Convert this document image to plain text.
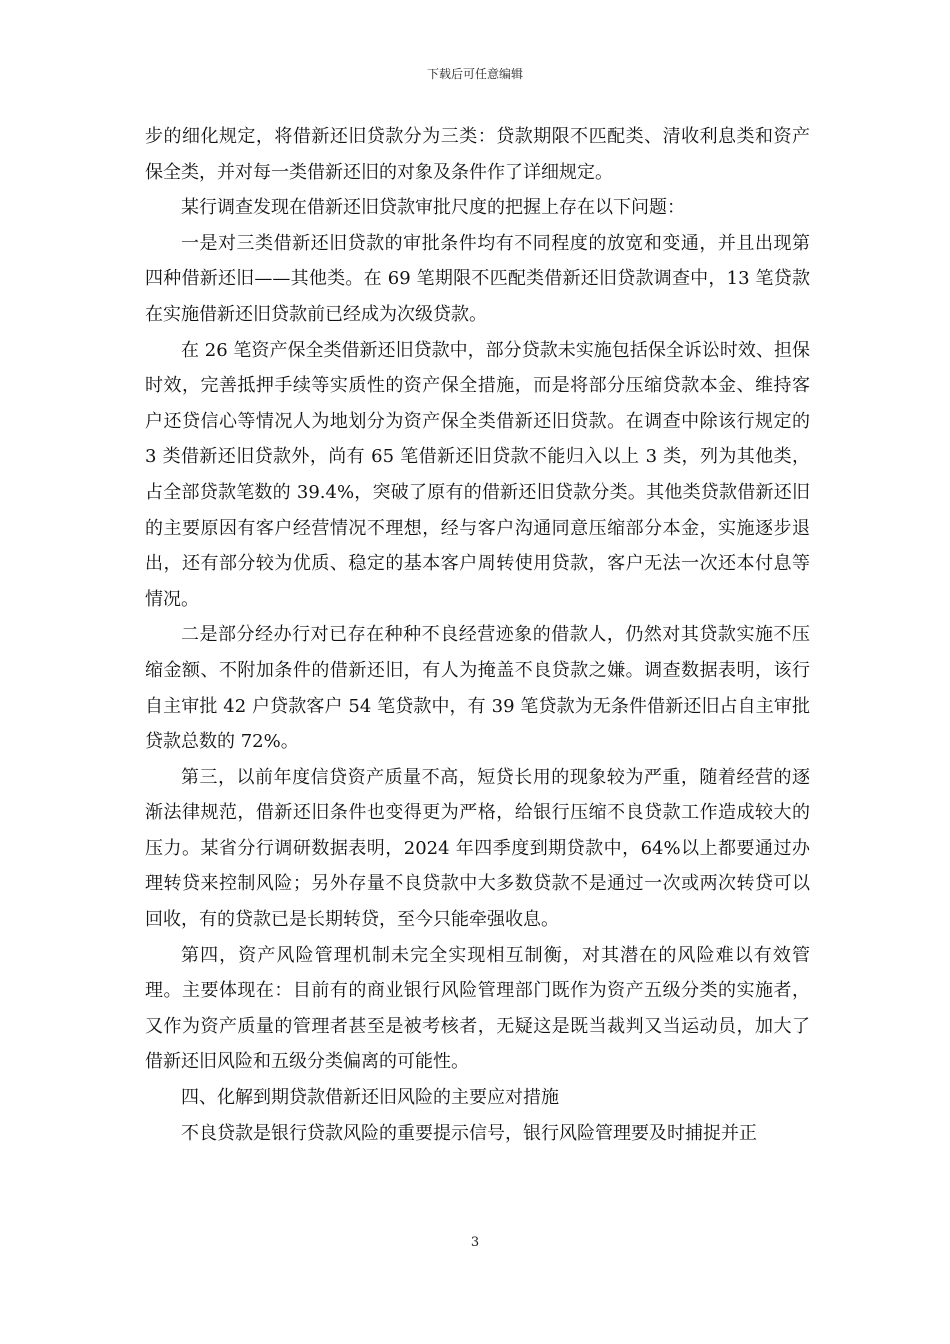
下载后可任意编辑

步的细化规定，将借新还旧贷款分为三类：贷款期限不匹配类、清收利息类和资产保全类，并对每一类借新还旧的对象及条件作了详细规定。

某行调查发现在借新还旧贷款审批尺度的把握上存在以下问题：

一是对三类借新还旧贷款的审批条件均有不同程度的放宽和变通，并且出现第四种借新还旧——其他类。在 69 笔期限不匹配类借新还旧贷款调查中，13 笔贷款在实施借新还旧贷款前已经成为次级贷款。

在 26 笔资产保全类借新还旧贷款中，部分贷款未实施包括保全诉讼时效、担保时效，完善抵押手续等实质性的资产保全措施，而是将部分压缩贷款本金、维持客户还贷信心等情况人为地划分为资产保全类借新还旧贷款。在调查中除该行规定的 3 类借新还旧贷款外，尚有 65 笔借新还旧贷款不能归入以上 3 类，列为其他类，占全部贷款笔数的 39.4%，突破了原有的借新还旧贷款分类。其他类贷款借新还旧的主要原因有客户经营情况不理想，经与客户沟通同意压缩部分本金，实施逐步退出，还有部分较为优质、稳定的基本客户周转使用贷款，客户无法一次还本付息等情况。

二是部分经办行对已存在种种不良经营迹象的借款人，仍然对其贷款实施不压缩金额、不附加条件的借新还旧，有人为掩盖不良贷款之嫌。调查数据表明，该行自主审批 42 户贷款客户 54 笔贷款中，有 39 笔贷款为无条件借新还旧占自主审批贷款总数的 72%。

第三，以前年度信贷资产质量不高，短贷长用的现象较为严重，随着经营的逐渐法律规范，借新还旧条件也变得更为严格，给银行压缩不良贷款工作造成较大的压力。某省分行调研数据表明，2024 年四季度到期贷款中，64%以上都要通过办理转贷来控制风险；另外存量不良贷款中大多数贷款不是通过一次或两次转贷可以回收，有的贷款已是长期转贷，至今只能牵强收息。

第四，资产风险管理机制未完全实现相互制衡，对其潜在的风险难以有效管理。主要体现在：目前有的商业银行风险管理部门既作为资产五级分类的实施者，又作为资产质量的管理者甚至是被考核者，无疑这是既当裁判又当运动员，加大了借新还旧风险和五级分类偏离的可能性。

四、化解到期贷款借新还旧风险的主要应对措施

不良贷款是银行贷款风险的重要提示信号，银行风险管理要及时捕捉并正

3
